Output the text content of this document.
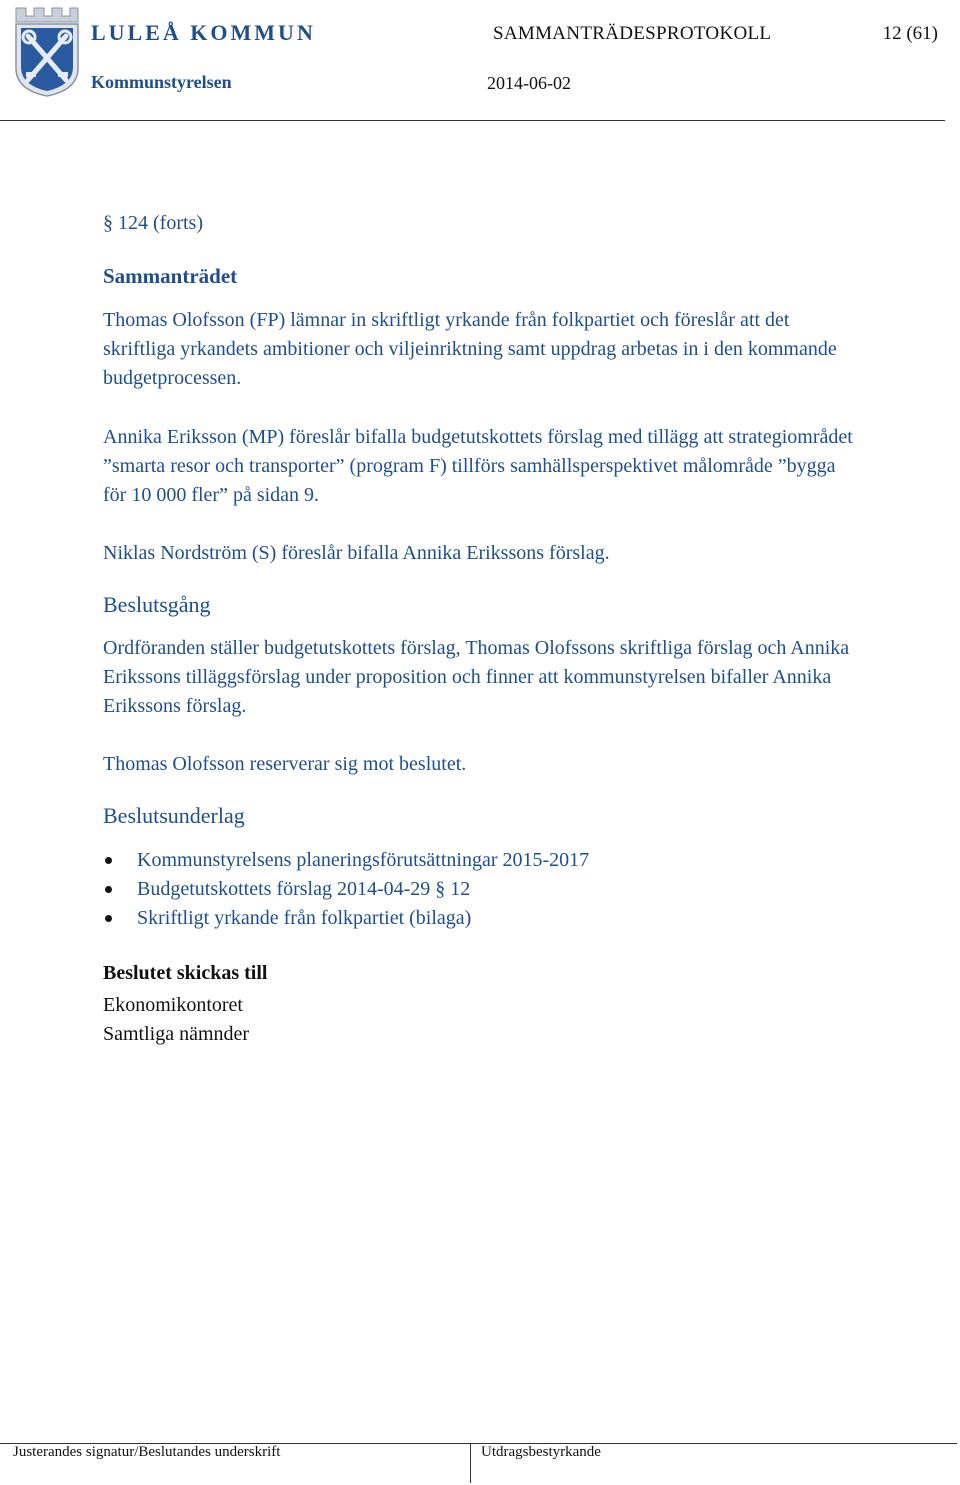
LULEÅ KOMMUN	SAMMANTRÄDESPROTOKOLL	12 (61)
Kommunstyrelsen	2014-06-02
§ 124 (forts)
Sammanträdet
Thomas Olofsson (FP) lämnar in skriftligt yrkande från folkpartiet och föreslår att det skriftliga yrkandets ambitioner och viljeinriktning samt uppdrag arbetas in i den kommande budgetprocessen.
Annika Eriksson (MP) föreslår bifalla budgetutskottets förslag med tillägg att strategiområdet ”smarta resor och transporter” (program F) tillförs samhällsperspektivet målområde ”bygga för 10 000 fler” på sidan 9.
Niklas Nordström (S) föreslår bifalla Annika Erikssons förslag.
Beslutsgång
Ordföranden ställer budgetutskottets förslag, Thomas Olofssons skriftliga förslag och Annika Erikssons tilläggsförslag under proposition och finner att kommunstyrelsen bifaller Annika Erikssons förslag.
Thomas Olofsson reserverar sig mot beslutet.
Beslutsunderlag
Kommunstyrelsens planeringsförutsättningar 2015-2017
Budgetutskottets förslag 2014-04-29 § 12
Skriftligt yrkande från folkpartiet (bilaga)
Beslutet skickas till
Ekonomikontoret
Samtliga nämnder
Justerandes signatur/Beslutandes underskrift	Utdragsbestyrkande
